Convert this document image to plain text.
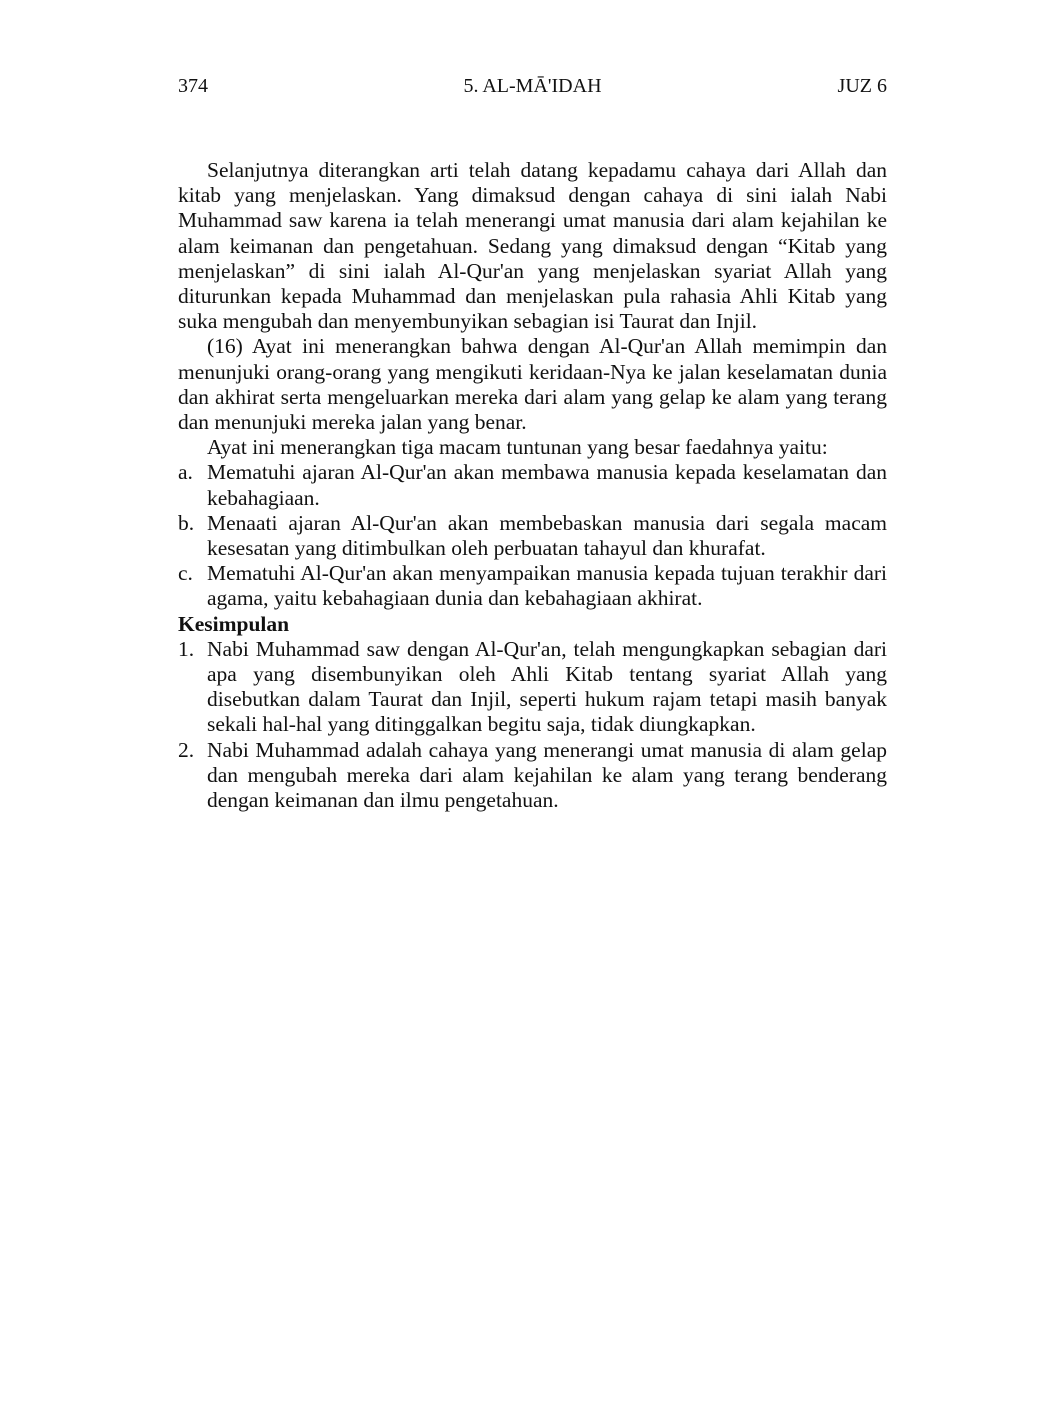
374	5. AL-MĀ'IDAH	JUZ 6

Selanjutnya diterangkan arti telah datang kepadamu cahaya dari Allah dan kitab yang menjelaskan. Yang dimaksud dengan cahaya di sini ialah Nabi Muhammad saw karena ia telah menerangi umat manusia dari alam kejahilan ke alam keimanan dan pengetahuan. Sedang yang dimaksud dengan “Kitab yang menjelaskan” di sini ialah Al-Qur'an yang menjelaskan syariat Allah yang diturunkan kepada Muhammad dan menjelaskan pula rahasia Ahli Kitab yang suka mengubah dan menyembunyikan sebagian isi Taurat dan Injil.

(16) Ayat ini menerangkan bahwa dengan Al-Qur'an Allah memimpin dan menunjuki orang-orang yang mengikuti keridaan-Nya ke jalan keselamatan dunia dan akhirat serta mengeluarkan mereka dari alam yang gelap ke alam yang terang dan menunjuki mereka jalan yang benar.

Ayat ini menerangkan tiga macam tuntunan yang besar faedahnya yaitu:

a. Mematuhi ajaran Al-Qur'an akan membawa manusia kepada keselamatan dan kebahagiaan.
b. Menaati ajaran Al-Qur'an akan membebaskan manusia dari segala macam kesesatan yang ditimbulkan oleh perbuatan tahayul dan khurafat.
c. Mematuhi Al-Qur'an akan menyampaikan manusia kepada tujuan terakhir dari agama, yaitu kebahagiaan dunia dan kebahagiaan akhirat.

Kesimpulan

1. Nabi Muhammad saw dengan Al-Qur'an, telah mengungkapkan sebagian dari apa yang disembunyikan oleh Ahli Kitab tentang syariat Allah yang disebutkan dalam Taurat dan Injil, seperti hukum rajam tetapi masih banyak sekali hal-hal yang ditinggalkan begitu saja, tidak diungkapkan.
2. Nabi Muhammad adalah cahaya yang menerangi umat manusia di alam gelap dan mengubah mereka dari alam kejahilan ke alam yang terang benderang dengan keimanan dan ilmu pengetahuan.
